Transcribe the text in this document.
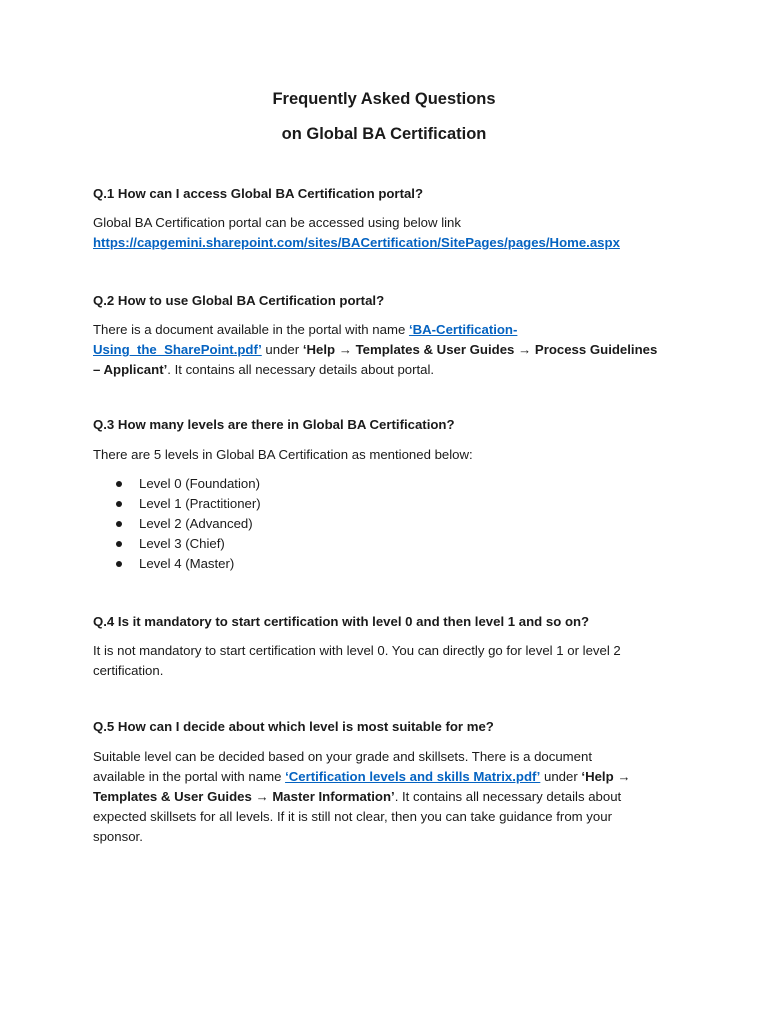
Frequently Asked Questions
on Global BA Certification

Q.1 How can I access Global BA Certification portal?

Global BA Certification portal can be accessed using below link

https://capgemini.sharepoint.com/sites/BACertification/SitePages/pages/Home.aspx

Q.2 How to use Global BA Certification portal?

There is a document available in the portal with name ‘BA-Certification-

Using_the_SharePoint.pdf’ under ‘Help → Templates & User Guides → Process Guidelines

– Applicant’. It contains all necessary details about portal.

Q.3 How many levels are there in Global BA Certification?

There are 5 levels in Global BA Certification as mentioned below:

Level 0 (Foundation)
Level 1 (Practitioner)
Level 2 (Advanced)
Level 3 (Chief)
Level 4 (Master)

Q.4 Is it mandatory to start certification with level 0 and then level 1 and so on?

It is not mandatory to start certification with level 0. You can directly go for level 1 or level 2

certification.

Q.5 How can I decide about which level is most suitable for me?

Suitable level can be decided based on your grade and skillsets. There is a document

available in the portal with name ‘Certification levels and skills Matrix.pdf’ under ‘Help →

Templates & User Guides → Master Information’. It contains all necessary details about

expected skillsets for all levels. If it is still not clear, then you can take guidance from your

sponsor.
